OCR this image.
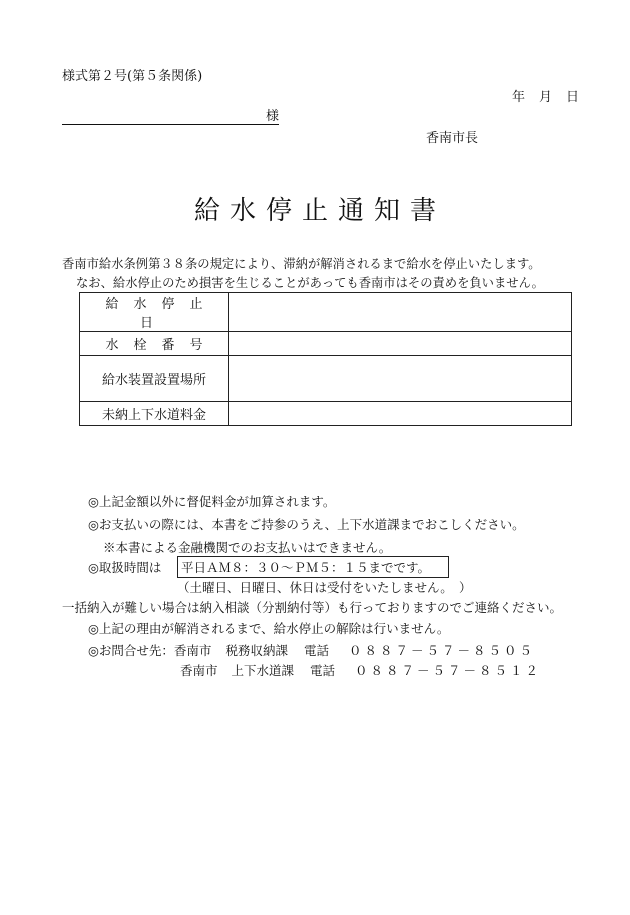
様式第２号(第５条関係)
年 月 日
様
香南市長
給水停止通知書
香南市給水条例第３８条の規定により、滞納が解消されるまで給水を停止いたします。
なお、給水停止のため損害を生じることがあっても香南市はその責めを負いません。
給水停止日	
水栓番号	
給水装置設置場所	
未納上下水道料金	
◎上記金額以外に督促料金が加算されます。
◎お支払いの際には、本書をご持参のうえ、上下水道課までおこしください。
※本書による金融機関でのお支払いはできません。
◎取扱時間は 平日ＡＭ８：３０～ＰＭ５：１５までです。
（土曜日、日曜日、休日は受付をいたしません。　）
一括納入が難しい場合は納入相談（分割納付等）も行っておりますのでご連絡ください。
◎上記の理由が解消されるまで、給水停止の解除は行いません。
◎お問合せ先：香南市 税務収納課 電話 ０８８７－５７－８５０５
香南市 上下水道課 電話 ０８８７－５７－８５１２
